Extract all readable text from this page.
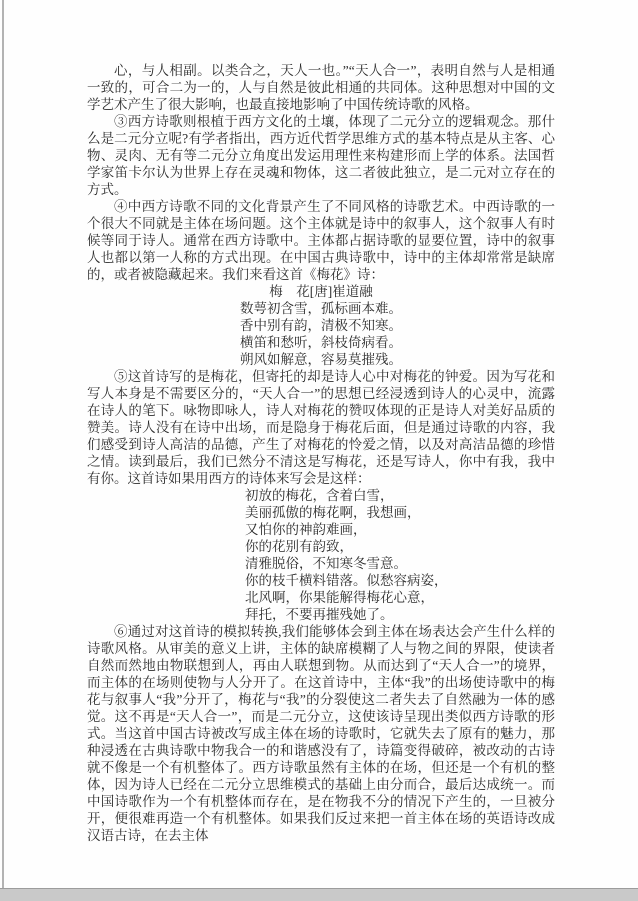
心，与人相副。以类合之，天人一也。”“天人合一”，表明自然与人是相通一致的，可合二为一的，人与自然是彼此相通的共同体。这种思想对中国的文学艺术产生了很大影响，也最直接地影响了中国传统诗歌的风格。

③西方诗歌则根植于西方文化的土壤，体现了二元分立的逻辑观念。那什么是二元分立呢?有学者指出，西方近代哲学思维方式的基本特点是从主客、心物、灵肉、无有等二元分立角度出发运用理性来构建形而上学的体系。法国哲学家笛卡尔认为世界上存在灵魂和物体，这二者彼此独立，是二元对立存在的方式。

④中西方诗歌不同的文化背景产生了不同风格的诗歌艺术。中西诗歌的一个很大不同就是主体在场问题。这个主体就是诗中的叙事人，这个叙事人有时候等同于诗人。通常在西方诗歌中。主体都占据诗歌的显要位置，诗中的叙事人也都以第一人称的方式出现。在中国古典诗歌中，诗中的主体却常常是缺席的，或者被隐藏起来。我们来看这首《梅花》诗：

梅　花[唐]崔道融
数萼初含雪，孤标画本难。
香中别有韵，清极不知寒。
横笛和愁听，斜枝倚病看。
朔风如解意，容易莫摧残。

⑤这首诗写的是梅花，但寄托的却是诗人心中对梅花的钟爱。因为写花和写人本身是不需要区分的，“天人合一”的思想已经浸透到诗人的心灵中，流露在诗人的笔下。咏物即咏人，诗人对梅花的赞叹体现的正是诗人对美好品质的赞美。诗人没有在诗中出场，而是隐身于梅花后面，但是通过诗歌的内容，我们感受到诗人高洁的品德，产生了对梅花的怜爱之情，以及对高洁品德的珍惜之情。读到最后，我们已然分不清这是写梅花，还是写诗人，你中有我，我中有你。这首诗如果用西方的诗体来写会是这样：

初放的梅花，含着白雪，
美丽孤傲的梅花啊，我想画，
又怕你的神韵难画，
你的花别有韵致，
清雅脱俗，不知寒冬雪意。
你的枝千横料错落。似愁容病姿，
北风啊，你果能解得梅花心意，
拜托，不要再摧残她了。

⑥通过对这首诗的模拟转换,我们能够体会到主体在场表达会产生什么样的诗歌风格。从审美的意义上讲，主体的缺席模糊了人与物之间的界限，使读者自然而然地由物联想到人，再由人联想到物。从而达到了“天人合一”的境界，而主体的在场则使物与人分开了。在这首诗中，主体“我”的出场使诗歌中的梅花与叙事人“我”分开了，梅花与“我”的分裂使这二者失去了自然融为一体的感觉。这不再是“天人合一”，而是二元分立，这使该诗呈现出类似西方诗歌的形式。当这首中国古诗被改写成主体在场的诗歌时，它就失去了原有的魅力，那种浸透在古典诗歌中物我合一的和谐感没有了，诗篇变得破碎，被改动的古诗就不像是一个有机整体了。西方诗歌虽然有主体的在场，但还是一个有机的整体，因为诗人已经在二元分立思维模式的基础上由分而合，最后达成统一。而中国诗歌作为一个有机整体而存在，是在物我不分的情况下产生的，一旦被分开，便很难再造一个有机整体。如果我们反过来把一首主体在场的英语诗改成汉语古诗，在去主体
